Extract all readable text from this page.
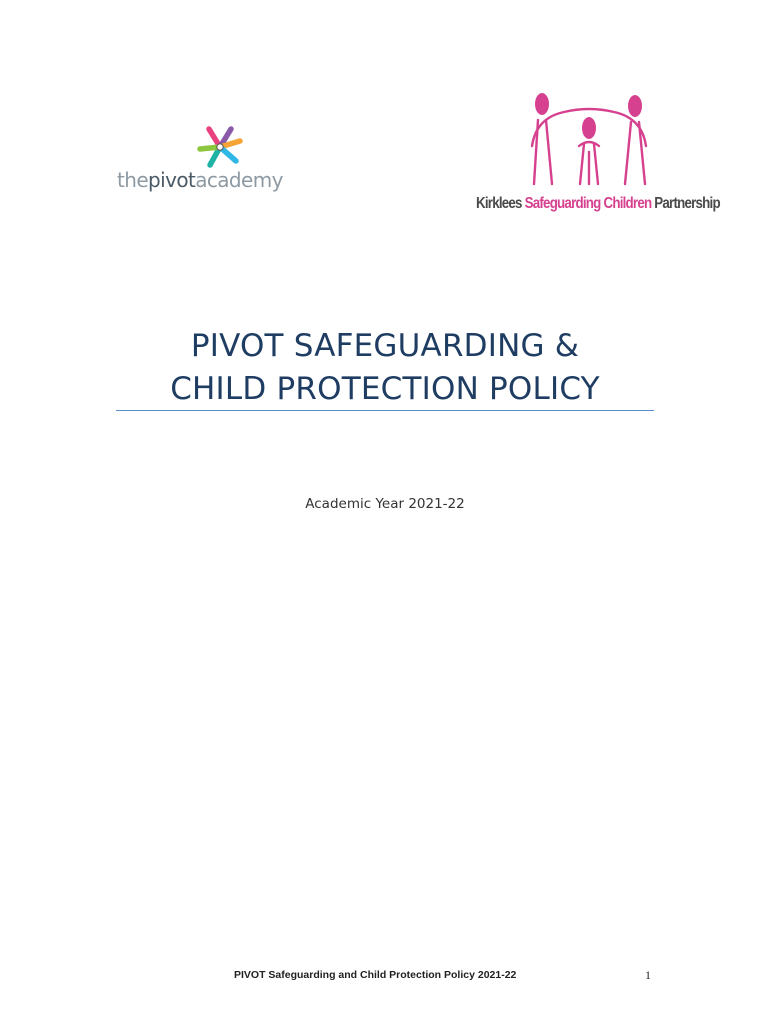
thepivotacademy
Kirklees Safeguarding Children Partnership
PIVOT SAFEGUARDING &
CHILD PROTECTION POLICY
Academic Year 2021-22
PIVOT Safeguarding and Child Protection Policy 2021-22	1
